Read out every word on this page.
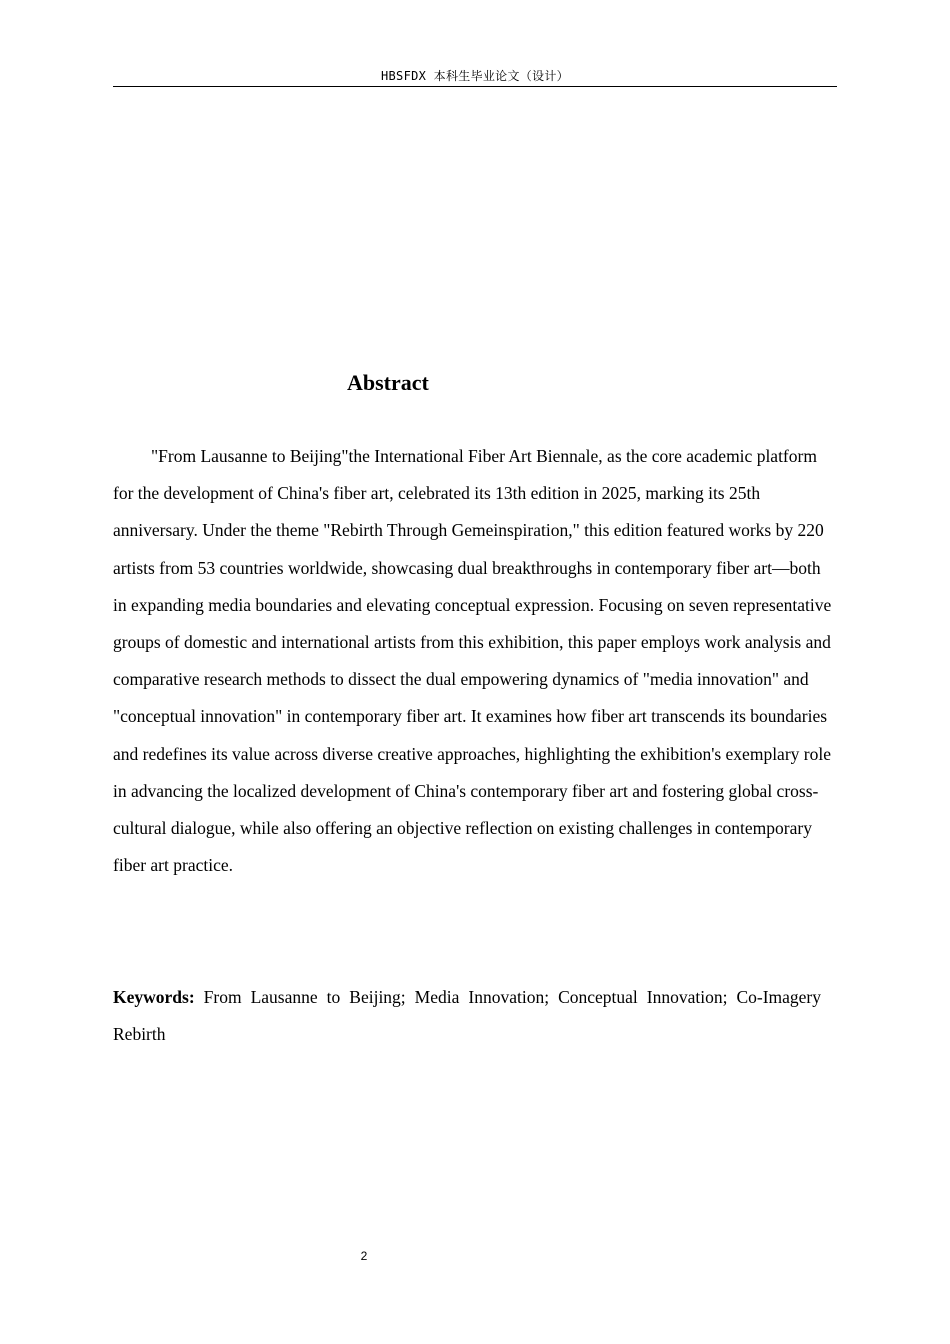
HBSFDX 本科生毕业论文（设计）
Abstract

"From Lausanne to Beijing"the International Fiber Art Biennale, as the core academic platform for the development of China's fiber art, celebrated its 13th edition in 2025, marking its 25th anniversary. Under the theme "Rebirth Through Gemeinspiration," this edition featured works by 220 artists from 53 countries worldwide, showcasing dual breakthroughs in contemporary fiber art—both in expanding media boundaries and elevating conceptual expression. Focusing on seven representative groups of domestic and international artists from this exhibition, this paper employs work analysis and comparative research methods to dissect the dual empowering dynamics of "media innovation" and "conceptual innovation" in contemporary fiber art. It examines how fiber art transcends its boundaries and redefines its value across diverse creative approaches, highlighting the exhibition's exemplary role in advancing the localized development of China's contemporary fiber art and fostering global cross-cultural dialogue, while also offering an objective reflection on existing challenges in contemporary fiber art practice.

Keywords: From Lausanne to Beijing; Media Innovation; Conceptual Innovation; Co-Imagery Rebirth

2
